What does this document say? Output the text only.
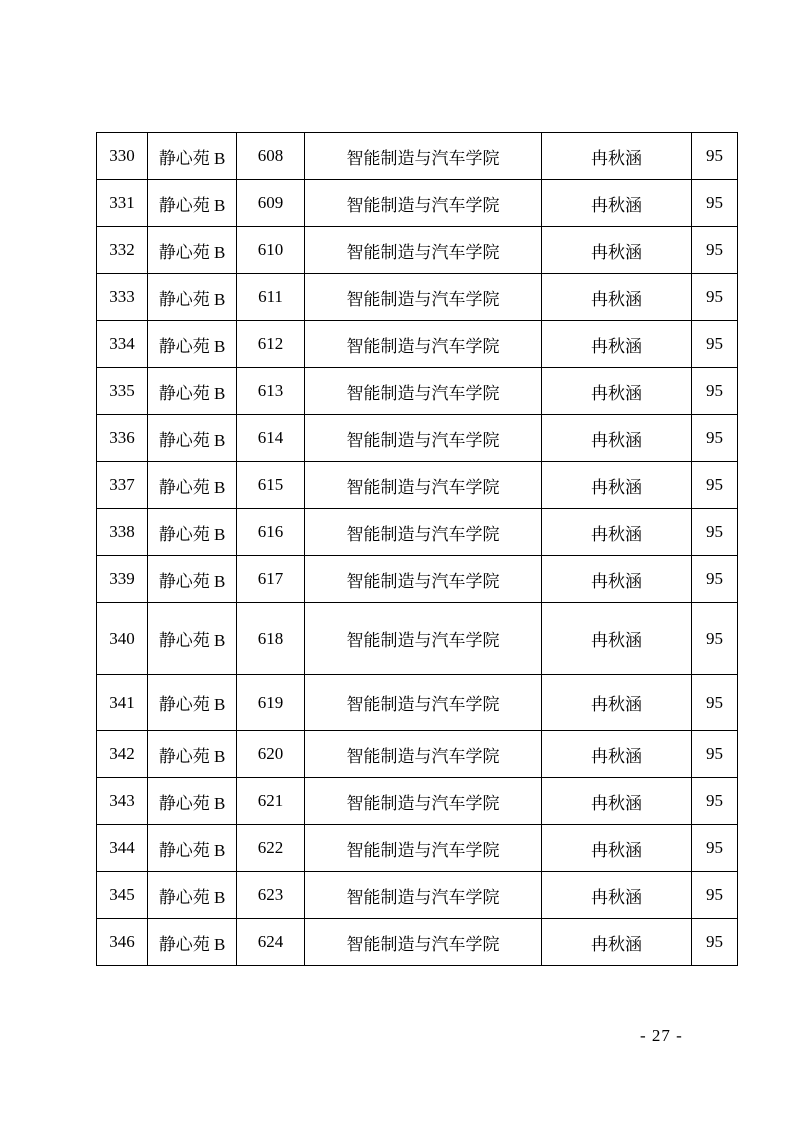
330	静心苑 B	608	智能制造与汽车学院	冉秋涵	95
331	静心苑 B	609	智能制造与汽车学院	冉秋涵	95
332	静心苑 B	610	智能制造与汽车学院	冉秋涵	95
333	静心苑 B	611	智能制造与汽车学院	冉秋涵	95
334	静心苑 B	612	智能制造与汽车学院	冉秋涵	95
335	静心苑 B	613	智能制造与汽车学院	冉秋涵	95
336	静心苑 B	614	智能制造与汽车学院	冉秋涵	95
337	静心苑 B	615	智能制造与汽车学院	冉秋涵	95
338	静心苑 B	616	智能制造与汽车学院	冉秋涵	95
339	静心苑 B	617	智能制造与汽车学院	冉秋涵	95
340	静心苑 B	618	智能制造与汽车学院	冉秋涵	95
341	静心苑 B	619	智能制造与汽车学院	冉秋涵	95
342	静心苑 B	620	智能制造与汽车学院	冉秋涵	95
343	静心苑 B	621	智能制造与汽车学院	冉秋涵	95
344	静心苑 B	622	智能制造与汽车学院	冉秋涵	95
345	静心苑 B	623	智能制造与汽车学院	冉秋涵	95
346	静心苑 B	624	智能制造与汽车学院	冉秋涵	95
- 27 -
